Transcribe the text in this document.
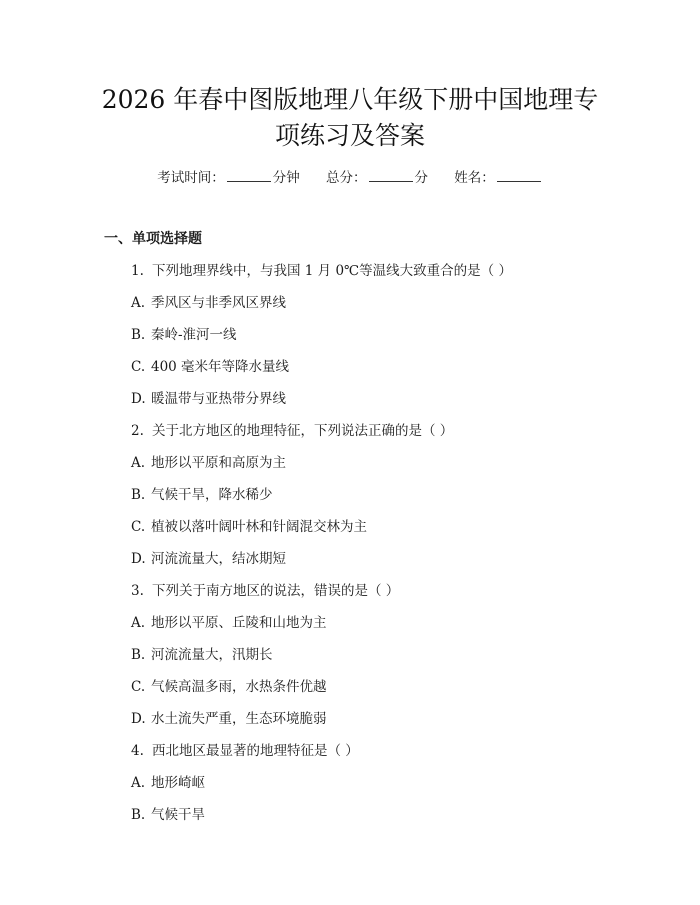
2026 年春中图版地理八年级下册中国地理专
项练习及答案
考试时间：	分钟 总分：	分 姓名：
一、单项选择题
1. 下列地理界线中，与我国 1 月 0℃等温线大致重合的是（ ）
A. 季风区与非季风区界线
B. 秦岭-淮河一线
C. 400 毫米年等降水量线
D. 暖温带与亚热带分界线
2. 关于北方地区的地理特征，下列说法正确的是（ ）
A. 地形以平原和高原为主
B. 气候干旱，降水稀少
C. 植被以落叶阔叶林和针阔混交林为主
D. 河流流量大，结冰期短
3. 下列关于南方地区的说法，错误的是（ ）
A. 地形以平原、丘陵和山地为主
B. 河流流量大，汛期长
C. 气候高温多雨，水热条件优越
D. 水土流失严重，生态环境脆弱
4. 西北地区最显著的地理特征是（ ）
A. 地形崎岖
B. 气候干旱
